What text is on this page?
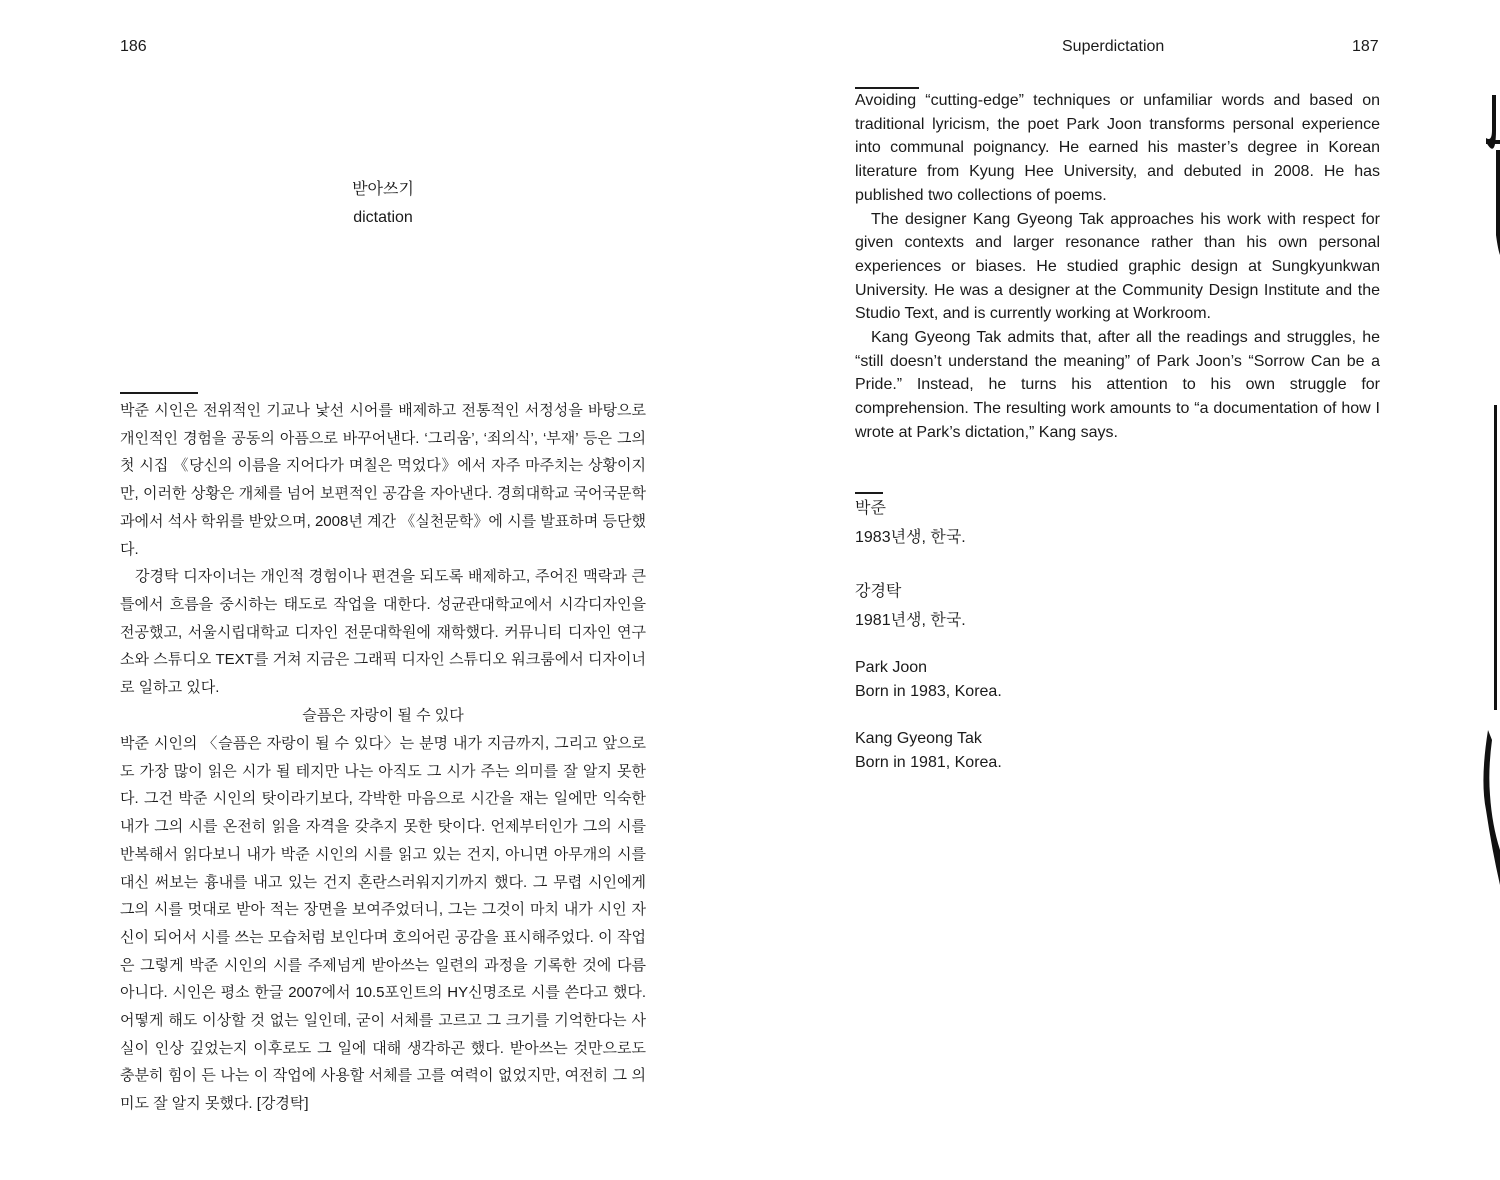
186
받아쓰기
dictation

박준 시인은 전위적인 기교나 낯선 시어를 배제하고 전통적인 서정성을 바탕으로 개인적인 경험을 공동의 아픔으로 바꾸어낸다. ‘그리움’, ‘죄의식’, ‘부재’ 등은 그의 첫 시집 《당신의 이름을 지어다가 며칠은 먹었다》에서 자주 마주치는 상황이지만, 이러한 상황은 개체를 넘어 보편적인 공감을 자아낸다. 경희대학교 국어국문학과에서 석사 학위를 받았으며, 2008년 계간 《실천문학》에 시를 발표하며 등단했다.

강경탁 디자이너는 개인적 경험이나 편견을 되도록 배제하고, 주어진 맥락과 큰 틀에서 흐름을 중시하는 태도로 작업을 대한다. 성균관대학교에서 시각디자인을 전공했고, 서울시립대학교 디자인 전문대학원에 재학했다. 커뮤니티 디자인 연구소와 스튜디오 TEXT를 거쳐 지금은 그래픽 디자인 스튜디오 워크룸에서 디자이너로 일하고 있다.

슬픔은 자랑이 될 수 있다

박준 시인의 〈슬픔은 자랑이 될 수 있다〉는 분명 내가 지금까지, 그리고 앞으로도 가장 많이 읽은 시가 될 테지만 나는 아직도 그 시가 주는 의미를 잘 알지 못한다. 그건 박준 시인의 탓이라기보다, 각박한 마음으로 시간을 재는 일에만 익숙한 내가 그의 시를 온전히 읽을 자격을 갖추지 못한 탓이다. 언제부터인가 그의 시를 반복해서 읽다보니 내가 박준 시인의 시를 읽고 있는 건지, 아니면 아무개의 시를 대신 써보는 흉내를 내고 있는 건지 혼란스러워지기까지 했다. 그 무렵 시인에게 그의 시를 멋대로 받아 적는 장면을 보여주었더니, 그는 그것이 마치 내가 시인 자신이 되어서 시를 쓰는 모습처럼 보인다며 호의어린 공감을 표시해주었다. 이 작업은 그렇게 박준 시인의 시를 주제넘게 받아쓰는 일련의 과정을 기록한 것에 다름 아니다. 시인은 평소 한글 2007에서 10.5포인트의 HY신명조로 시를 쓴다고 했다. 어떻게 해도 이상할 것 없는 일인데, 굳이 서체를 고르고 그 크기를 기억한다는 사실이 인상 깊었는지 이후로도 그 일에 대해 생각하곤 했다. 받아쓰는 것만으로도 충분히 힘이 든 나는 이 작업에 사용할 서체를 고를 여력이 없었지만, 여전히 그 의미도 잘 알지 못했다. [강경탁]

Superdictation	187

Avoiding “cutting-edge” techniques or unfamiliar words and based on traditional lyricism, the poet Park Joon transforms personal experience into communal poignancy. He earned his master’s degree in Korean literature from Kyung Hee University, and debuted in 2008. He has published two collections of poems.

The designer Kang Gyeong Tak approaches his work with respect for given contexts and larger resonance rather than his own personal experiences or biases. He studied graphic design at Sungkyunkwan University. He was a designer at the Community Design Institute and the Studio Text, and is currently working at Workroom.

Kang Gyeong Tak admits that, after all the readings and struggles, he “still doesn’t understand the meaning” of Park Joon’s “Sorrow Can be a Pride.” Instead, he turns his attention to his own struggle for comprehension. The resulting work amounts to “a documentation of how I wrote at Park’s dictation,” Kang says.

박준
1983년생, 한국.
강경탁
1981년생, 한국.
Park Joon
Born in 1983, Korea.
Kang Gyeong Tak
Born in 1981, Korea.
